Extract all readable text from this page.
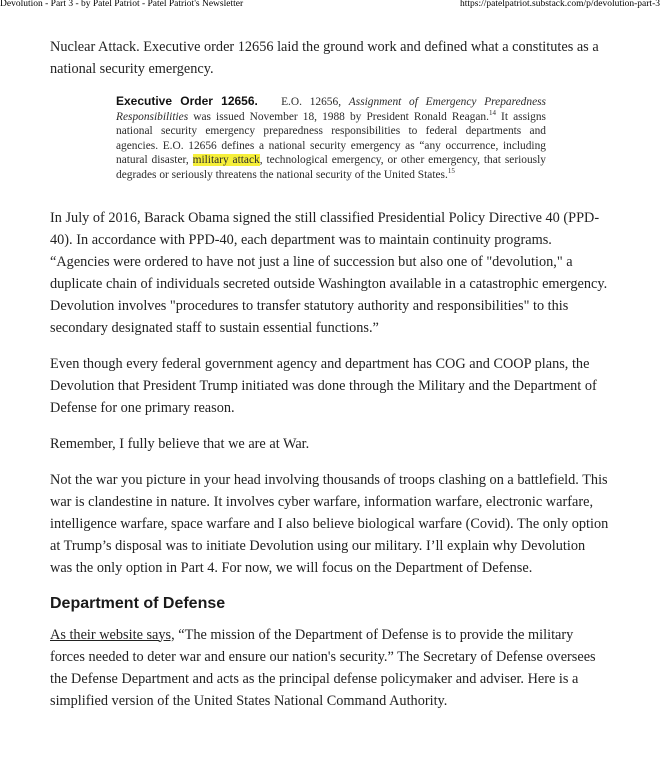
Devolution - Part 3 - by Patel Patriot - Patel Patriot's Newsletter	https://patelpatriot.substack.com/p/devolution-part-3

Nuclear Attack. Executive order 12656 laid the ground work and defined what a constitutes as a national security emergency.

Executive Order 12656. E.O. 12656, Assignment of Emergency Preparedness Responsibilities was issued November 18, 1988 by President Ronald Reagan.$^{14}$ It assigns national security emergency preparedness responsibilities to federal departments and agencies. E.O. 12656 defines a national security emergency as “any occurrence, including natural disaster, military attack, technological emergency, or other emergency, that seriously degrades or seriously threatens the national security of the United States.$^{15}$

In July of 2016, Barack Obama signed the still classified Presidential Policy Directive 40 (PPD-40). In accordance with PPD-40, each department was to maintain continuity programs. “Agencies were ordered to have not just a line of succession but also one of "devolution," a duplicate chain of individuals secreted outside Washington available in a catastrophic emergency. Devolution involves "procedures to transfer statutory authority and responsibilities" to this secondary designated staff to sustain essential functions.”

Even though every federal government agency and department has COG and COOP plans, the Devolution that President Trump initiated was done through the Military and the Department of Defense for one primary reason.

Remember, I fully believe that we are at War.

Not the war you picture in your head involving thousands of troops clashing on a battlefield. This war is clandestine in nature. It involves cyber warfare, information warfare, electronic warfare, intelligence warfare, space warfare and I also believe biological warfare (Covid). The only option at Trump’s disposal was to initiate Devolution using our military. I’ll explain why Devolution was the only option in Part 4. For now, we will focus on the Department of Defense.

Department of Defense

As their website says, “The mission of the Department of Defense is to provide the military forces needed to deter war and ensure our nation's security.” The Secretary of Defense oversees the Defense Department and acts as the principal defense policymaker and adviser. Here is a simplified version of the United States National Command Authority.
